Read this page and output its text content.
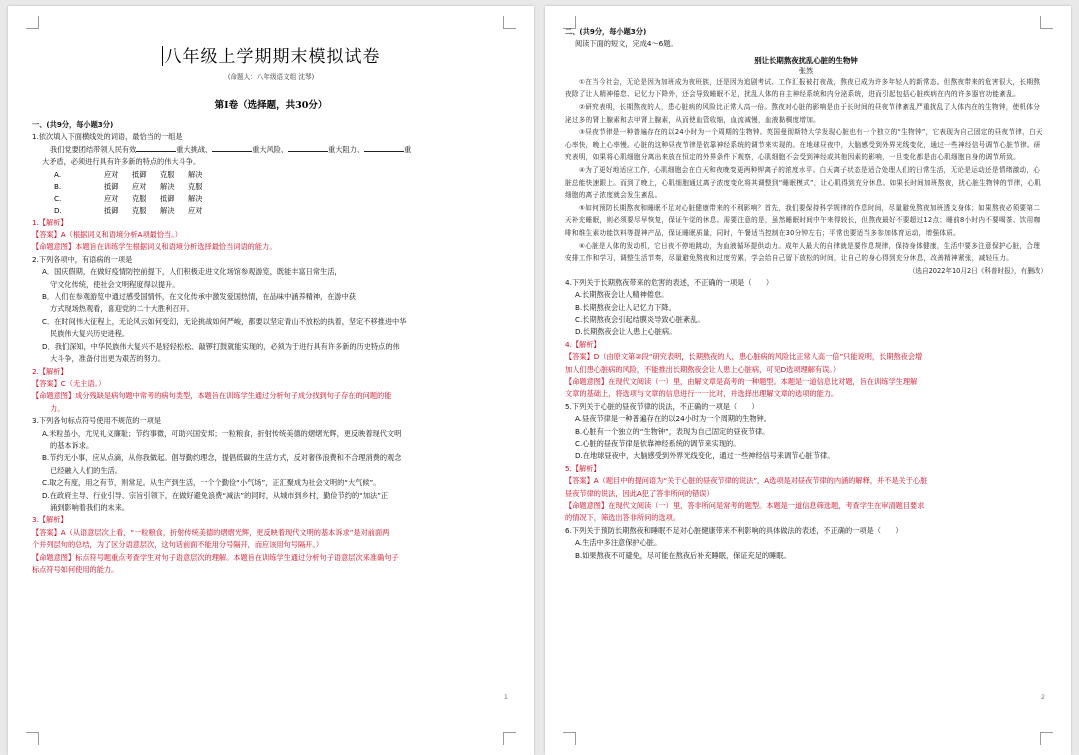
八年级上学期期末模拟试卷
(命题人：八年级语文组 沈琴)
第Ⅰ卷（选择题，共30分）

一、(共9分，每小题3分)

1.依次填入下面横线处的词语，最恰当的一组是

我们党要团结带领人民有效	重大挑战、	重大风险、	重大阻力、	重

大矛盾，必须进行具有许多新的特点的伟大斗争。

A.	应对	抵御	克服	解决
B.	抵御	应对	解决	克服
C.	应对	克服	抵御	解决
D.	抵御	克服	解决	应对

1.【解析】

【答案】A（根据词义和语境分析A项最恰当。）

【命题意图】本题旨在训练学生根据词义和语境分析选择最恰当词语的能力。

2.下列各项中，有语病的一项是

A．国庆假期，在做好疫情防控前提下，人们积极走进文化场馆参观游览，既能丰富日常生活，

守文化传统，使社会文明程度得以提升。

B．人们在参观游览中通过感受国情怀，在文化传承中激发爱国热情，在品味中涵养精神，在游中获

方式现场热观看，喜迎党的二十大胜利召开。

C．在时间伟大征程上，无论风云如何变幻，无论挑战如何严峻，都要以坚定青山不放松的执着，坚定不移推进中华

民族伟大复兴历史进程。

D．我们深知，中华民族伟大复兴不是轻轻松松、敲锣打鼓就能实现的，必须为于进行具有许多新的历史特点的伟

大斗争，准备付出更为艰苦的努力。

2.【解析】

【答案】C（无主语。）

【命题意图】成分残缺是病句题中常考的病句类型，本题旨在训练学生通过分析句子成分找到句子存在的问题的能

力。

3.下列各句标点符号使用不规范的一项是

A.米粒虽小，尤见礼义廉耻；节约事微，可助兴国安邦；一粒粮食，折射传统美德的熠熠光辉，更反映着现代文明

的基本诉求。

B.节约无小事，应从点滴，从你我做起。倡导勤约理念，提倡低碳的生活方式，反对奢侈浪费和不合理消费的观念

已经融入人们的生活。

C.取之有度，用之有节，则常足。从生产到生活，一个个勤俭“小气场”，正汇聚成为社会文明的“大气候”。

D.在政府主导、行业引导、宗旨引领下，在做好避免浪费“减法”的同时，从城市到乡村，勤俭节约的“加法”正

涌到影响着我们的未来。

3.【解析】

【答案】A（从语意层次上看，“一粒粮食，折射传统美德的熠熠光辉，更反映着现代文明的基本诉求”是对前面两

个并列层句的总结，为了区分语意层次，这句话前面不能用分号隔开，而应该用句号隔开。）

【命题意图】标点符号题重点考查学生对句子语意层次的理解。本题旨在训练学生通过分析句子语意层次来准确句子

标点符号如何使用的能力。

1

二、(共9分，每小题3分)

阅读下面的短文，完成4～6题。

别让长期熬夜扰乱心脏的生物钟
张然

①在当今社会，无论是因为加班成为夜班族，还是因为追剧考试、工作汇报被打夜战，熬夜已成为许多年轻人的新常态。但熬夜带来的危害很大，长期熬夜除了让人精神倦怠、记忆力下降外，还会导致睡眠不足，扰乱人体的自主神经系统和内分泌系统，进而引起包括心脏疾病在内的许多器官功能紊乱。

②研究表明，长期熬夜的人，患心脏病的风险比正常人高一倍。熬夜对心脏的影响是由于长时间的昼夜节律紊乱严重扰乱了人体内在的生物钟，使机体分泌过多的肾上腺素和去甲肾上腺素，从而使血管收缩，血流减慢，血液黏稠度增加。

③昼夜节律是一种普遍存在的以24小时为一个周期的生物钟。英国曼彻斯特大学发现心脏也有一个独立的“生物钟”，它表现为自己固定的昼夜节律，白天心率快，晚上心率慢。心脏的这种昼夜节律是依靠神经系统的调节来实现的。在地球昼夜中，大脑感受到外界光线变化，通过一些神经信号调节心脏节律。研究表明，如果将心肌细胞分离出来放在恒定的外界条件下观察，心肌细胞不会受到神经或其他因素的影响，一旦变化都是由心肌细胞自身的调节所致。

④为了更好地适应工作，心肌细胞会在白天和夜晚变更两种钾离子的浓度水平。白天离子状态是适合处理人们的日常生活，无论是运动还是情绪激动，心脏总能快速跟上。而到了晚上，心肌细胞通过离子浓度变化将其调整到“睡眠模式”，让心肌得到充分休息。如果长时间加班熬夜，扰心脏生物钟的节律，心肌细胞的离子浓度就会发生紊乱。

⑤如何预防长期熬夜和睡眠不足对心脏健康带来的不利影响？首先，我们要保持科学规律的作息时间，尽量避免熬夜加班透支身体；如果熬夜必须要第二天补充睡眠，则必须要尽早恢复，保证午觉的休息。需要注意的是，虽然睡眠时间中午来得较长，但熬夜最好不要超过12点；睡前8小时内不要喝茶、饮用咖啡和维生素功能饮料等提神产品，保证睡眠质量，同时，午餐适当控制在30分钟左右；平常也要适当多参加体育运动，增强体质。

⑥心脏是人体的发动机，它日夜不停地跳动，为血液循环提供动力。成年人最大的自律就是要作息规律，保持身体健康，生活中要多注意保护心脏，合理安排工作和学习，调整生活节奏，尽量避免熬夜和过度劳累，学会给自己留下放松的时间，让自己的身心得到充分休息，改善精神紧张，减轻压力。

（选自2022年10月2日《科普时报》，有删改）

4.下列关于长期熬夜带来的危害的表述，不正确的一项是（　　）

A.长期熬夜会让人精神倦怠。

B.长期熬夜会让人记忆力下降。

C.长期熬夜会引起结膜炎导致心脏紊乱。

D.长期熬夜会让人患上心脏病。

4.【解析】

【答案】D（由原文第②段“研究表明，长期熬夜的人，患心脏病的风险比正常人高一倍”只能说明，长期熬夜会增

加人们患心脏病的风险，不能推出长期熬夜会让人患上心脏病，可见D选项理解有误。）

【命题意图】在现代文阅读（一）里，由解文章是高考的一种题型。本题是一道信息比对题，旨在训练学生理解

文章的基础上，将选项与文章的信息进行一一比对，并选择出理解文章的选项的能力。

5.下列关于心脏的昼夜节律的说法，不正确的一项是（　　）

A.昼夜节律是一种普遍存在的以24小时为一个周期的生物钟。

B.心脏有一个独立的“生物钟”，表现为自己固定的昼夜节律。

C.心脏的昼夜节律是依靠神经系统的调节来实现的。

D.在地球昼夜中，大脑感受到外界光线变化，通过一些神经信号来调节心脏节律。

5.【解析】

【答案】A（题目中的提问语为“关于心脏的昼夜节律的说法”，A选项是对昼夜节律的内涵的解释，并不是关于心脏

昼夜节律的说法，因此A犯了答非所问的错误）

【命题意图】在现代文阅读（一）里，答非所问是常考的题型。本题是一道信息筛选题，考查学生在审清题目要求

的情况下，筛选出答非所问的选项。

6.下列关于预防长期熬夜和睡眠不足对心脏健康带来不利影响的具体做法的表述，不正确的一项是（　　）

A.生活中多注意保护心脏。

B.如果熬夜不可避免，尽可能在熬夜后补充睡眠，保证充足的睡眠。

2
